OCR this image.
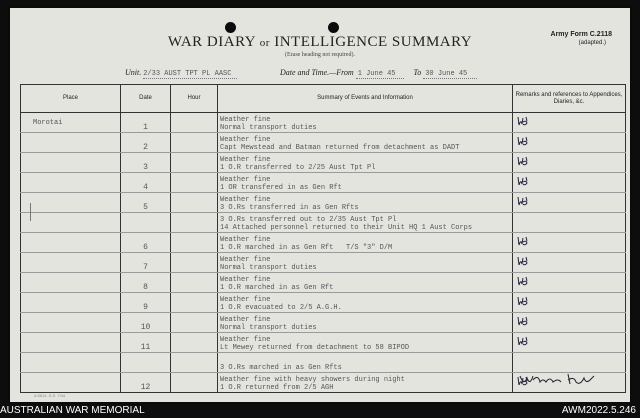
WAR DIARY or INTELLIGENCE SUMMARY
(Erase heading not required).
Army Form C.2118
(adapted.)
Unit. 2/33 AUST TPT PL AASC	Date and Time.—From 1 June 45 To 30 June 45
Place	Date	Hour	Summary of Events and Information	Remarks and references to Appendices, Diaries, &c.
Morotai	1		Weather fine
Normal transport duties	

	2		Weather fine
Capt Mewstead and Batman returned from detachment as DADT	

	3		Weather fine
1 O.R transferred to 2/25 Aust Tpt Pl	

	4		Weather fine
1 OR transfered in as Gen Rft	

	5		Weather fine
3 O.Rs transferred in as Gen Rfts	

			3 O.Rs transferred out to 2/35 Aust Tpt Pl
14 Attached personnel returned to their Unit HQ 1 Aust Corps	
	6		Weather fine
1 O.R marched in as Gen Rft   T/S "3" D/M	

	7		Weather fine
Normal transport duties	

	8		Weather fine
1 O.R marched in as Gen Rft	

	9		Weather fine
1 O.R evacuated to 2/5 A.G.H.	

	10		Weather fine
Normal transport duties	

	11		Weather fine
Lt Mewey returned from detachment to 58 BIPOD	

			3 O.Rs marched in as Gen Rfts	
	12		Weather fine with heavy showers during night
1 O.R returned from 2/5 AGH	
A 8814. S.S. 7/44
AUSTRALIAN WAR MEMORIAL	AWM2022.5.246
